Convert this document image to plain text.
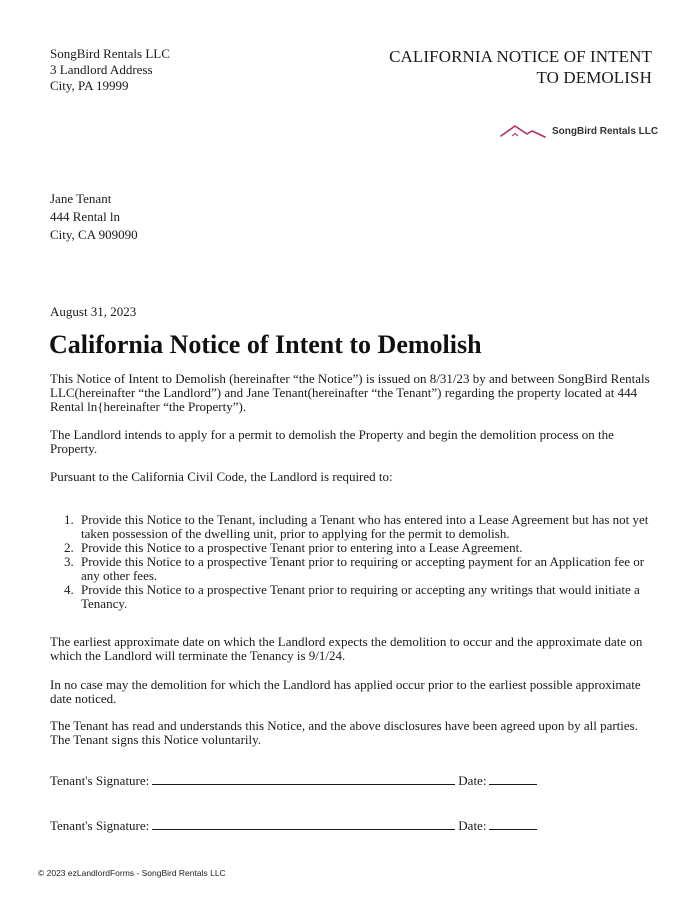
SongBird Rentals LLC
3 Landlord Address
City, PA 19999
CALIFORNIA NOTICE OF INTENT
TO DEMOLISH
SongBird Rentals LLC
Jane Tenant
444 Rental ln
City, CA 909090
August 31, 2023
California Notice of Intent to Demolish

This Notice of Intent to Demolish (hereinafter “the Notice”) is issued on 8/31/23 by and between SongBird Rentals LLC(hereinafter “the Landlord”) and Jane Tenant(hereinafter “the Tenant”) regarding the property located at 444 Rental ln{hereinafter “the Property”).

The Landlord intends to apply for a permit to demolish the Property and begin the demolition process on the Property.

Pursuant to the California Civil Code, the Landlord is required to:

1. Provide this Notice to the Tenant, including a Tenant who has entered into a Lease Agreement but has not yet taken possession of the dwelling unit, prior to applying for the permit to demolish.
2. Provide this Notice to a prospective Tenant prior to entering into a Lease Agreement.
3. Provide this Notice to a prospective Tenant prior to requiring or accepting payment for an Application fee or any other fees.
4. Provide this Notice to a prospective Tenant prior to requiring or accepting any writings that would initiate a Tenancy.

The earliest approximate date on which the Landlord expects the demolition to occur and the approximate date on which the Landlord will terminate the Tenancy is 9/1/24.

In no case may the demolition for which the Landlord has applied occur prior to the earliest possible approximate date noticed.

The Tenant has read and understands this Notice, and the above disclosures have been agreed upon by all parties. The Tenant signs this Notice voluntarily.

Tenant's Signature:	Date:
Tenant's Signature:	Date:
© 2023 ezLandlordForms - SongBird Rentals LLC
